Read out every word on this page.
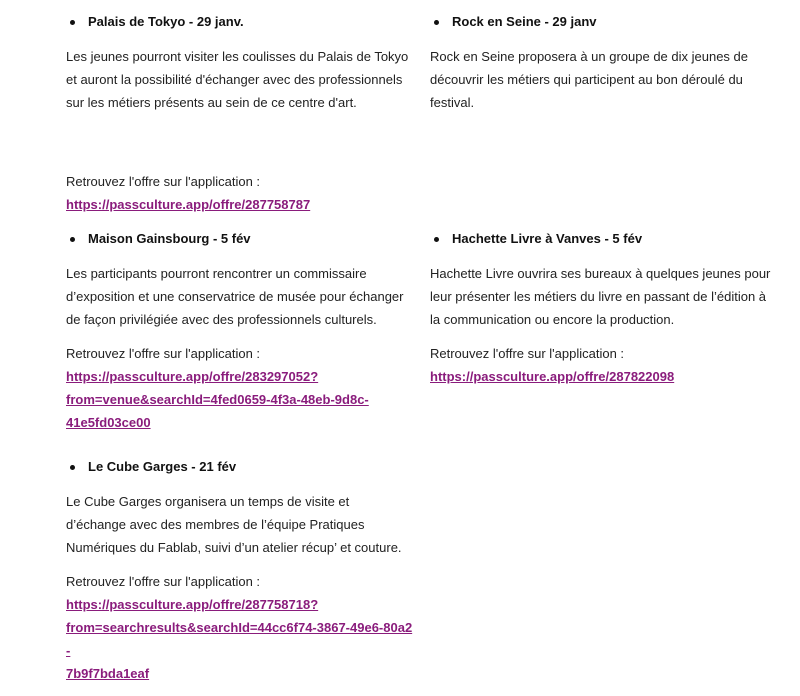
Palais de Tokyo - 29 janv.
Les jeunes pourront visiter les coulisses du Palais de Tokyo
et auront la possibilité d'échanger avec des professionnels
sur les métiers présents au sein de ce centre d'art.
Retrouvez l'offre sur l'application :
https://passculture.app/offre/287758787
Rock en Seine - 29 janv
Rock en Seine proposera à un groupe de dix jeunes de
découvrir les métiers qui participent au bon déroulé du
festival.
Maison Gainsbourg - 5 fév
Les participants pourront rencontrer un commissaire
d’exposition et une conservatrice de musée pour échanger
de façon privilégiée avec des professionnels culturels.
Retrouvez l'offre sur l'application :
https://passculture.app/offre/283297052?
from=venue&searchId=4fed0659-4f3a-48eb-9d8c-
41e5fd03ce00
Hachette Livre à Vanves - 5 fév
Hachette Livre ouvrira ses bureaux à quelques jeunes pour
leur présenter les métiers du livre en passant de l’édition à
la communication ou encore la production.
Retrouvez l'offre sur l'application :
https://passculture.app/offre/287822098
Le Cube Garges - 21 fév
Le Cube Garges organisera un temps de visite et
d’échange avec des membres de l’équipe Pratiques
Numériques du Fablab, suivi d’un atelier récup’ et couture.
Retrouvez l'offre sur l'application :
https://passculture.app/offre/287758718?
from=searchresults&searchId=44cc6f74-3867-49e6-80a2-
7b9f7bda1eaf
